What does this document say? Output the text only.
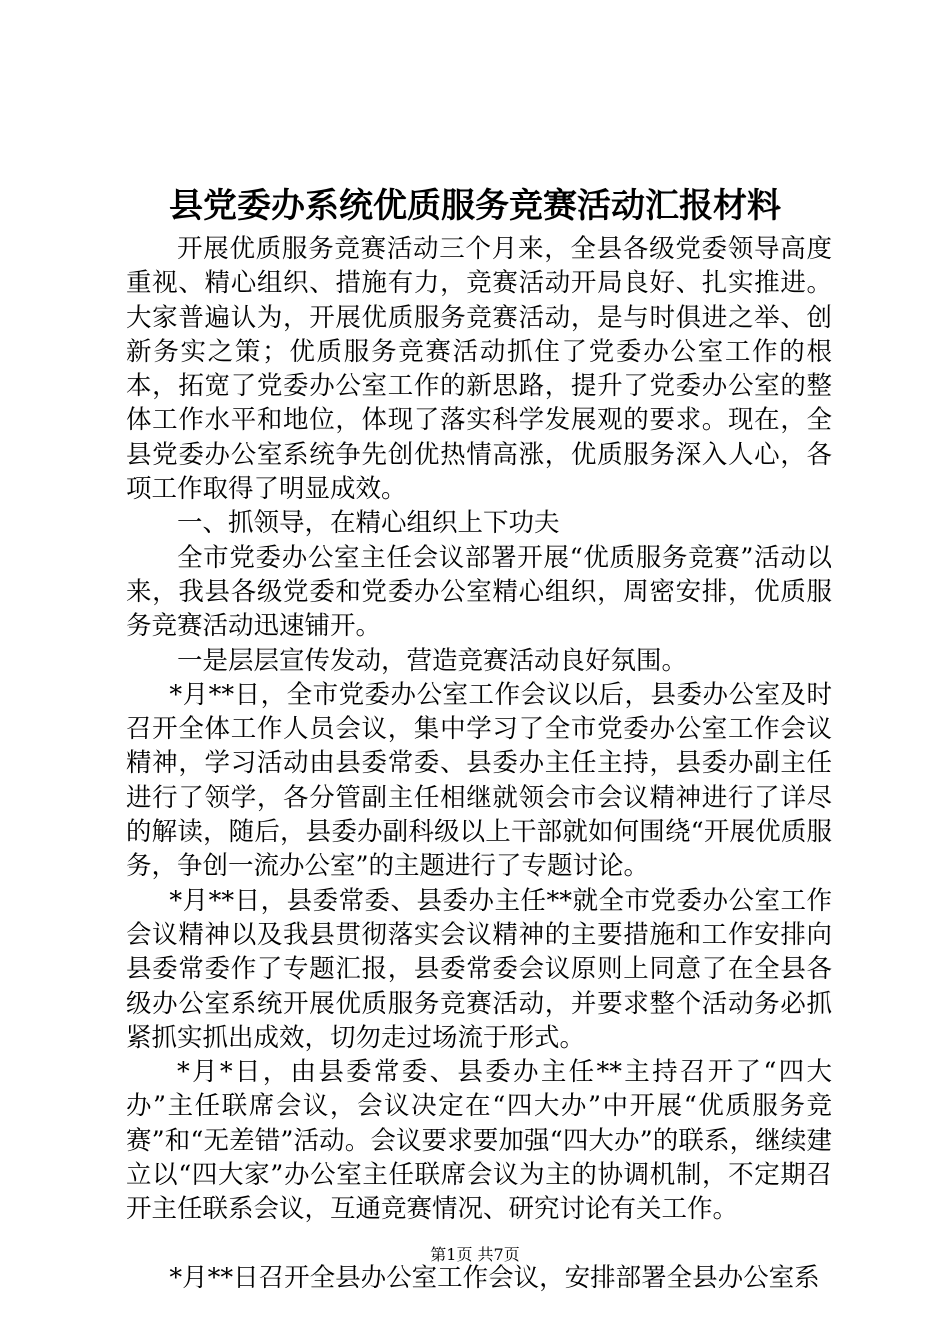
县党委办系统优质服务竞赛活动汇报材料

开展优质服务竞赛活动三个月来，全县各级党委领导高度重视、精心组织、措施有力，竞赛活动开局良好、扎实推进。大家普遍认为，开展优质服务竞赛活动，是与时俱进之举、创新务实之策；优质服务竞赛活动抓住了党委办公室工作的根本，拓宽了党委办公室工作的新思路，提升了党委办公室的整体工作水平和地位，体现了落实科学发展观的要求。现在，全县党委办公室系统争先创优热情高涨，优质服务深入人心，各项工作取得了明显成效。

一、抓领导，在精心组织上下功夫

全市党委办公室主任会议部署开展“优质服务竞赛”活动以来，我县各级党委和党委办公室精心组织，周密安排，优质服务竞赛活动迅速铺开。

一是层层宣传发动，营造竞赛活动良好氛围。

*月**日，全市党委办公室工作会议以后，县委办公室及时召开全体工作人员会议，集中学习了全市党委办公室工作会议精神，学习活动由县委常委、县委办主任主持，县委办副主任进行了领学，各分管副主任相继就领会市会议精神进行了详尽的解读，随后，县委办副科级以上干部就如何围绕“开展优质服务，争创一流办公室”的主题进行了专题讨论。

*月**日，县委常委、县委办主任**就全市党委办公室工作会议精神以及我县贯彻落实会议精神的主要措施和工作安排向县委常委作了专题汇报，县委常委会议原则上同意了在全县各级办公室系统开展优质服务竞赛活动，并要求整个活动务必抓紧抓实抓出成效，切勿走过场流于形式。

*月*日，由县委常委、县委办主任**主持召开了“四大办”主任联席会议，会议决定在“四大办”中开展“优质服务竞赛”和“无差错”活动。会议要求要加强“四大办”的联系，继续建立以“四大家”办公室主任联席会议为主的协调机制，不定期召开主任联系会议，互通竞赛情况、研究讨论有关工作。

*月**日召开全县办公室工作会议，安排部署全县办公室系

第1页 共7页
